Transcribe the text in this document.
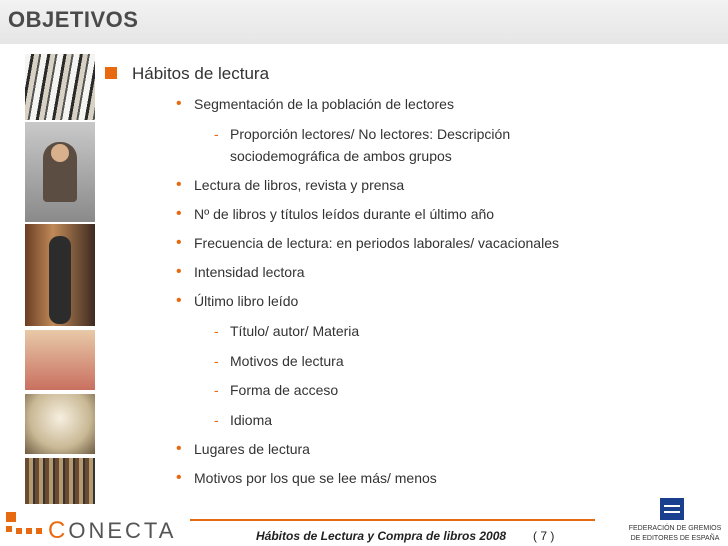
OBJETIVOS
Hábitos de lectura
• Segmentación de la población de lectores
- Proporción lectores/ No lectores: Descripción
sociodemográfica de ambos grupos
• Lectura de libros, revista y prensa
• Nº de libros y títulos leídos durante el último año
• Frecuencia de lectura: en periodos laborales/ vacacionales
• Intensidad lectora
• Último libro leído
- Título/ autor/ Materia
- Motivos de lectura
- Forma de acceso
- Idioma
• Lugares de lectura
• Motivos por los que se lee más/ menos
CONECTA	Hábitos de Lectura y Compra de libros 2008 ( 7 )
FEDERACIÓN DE GREMIOS
DE EDITORES DE ESPAÑA
